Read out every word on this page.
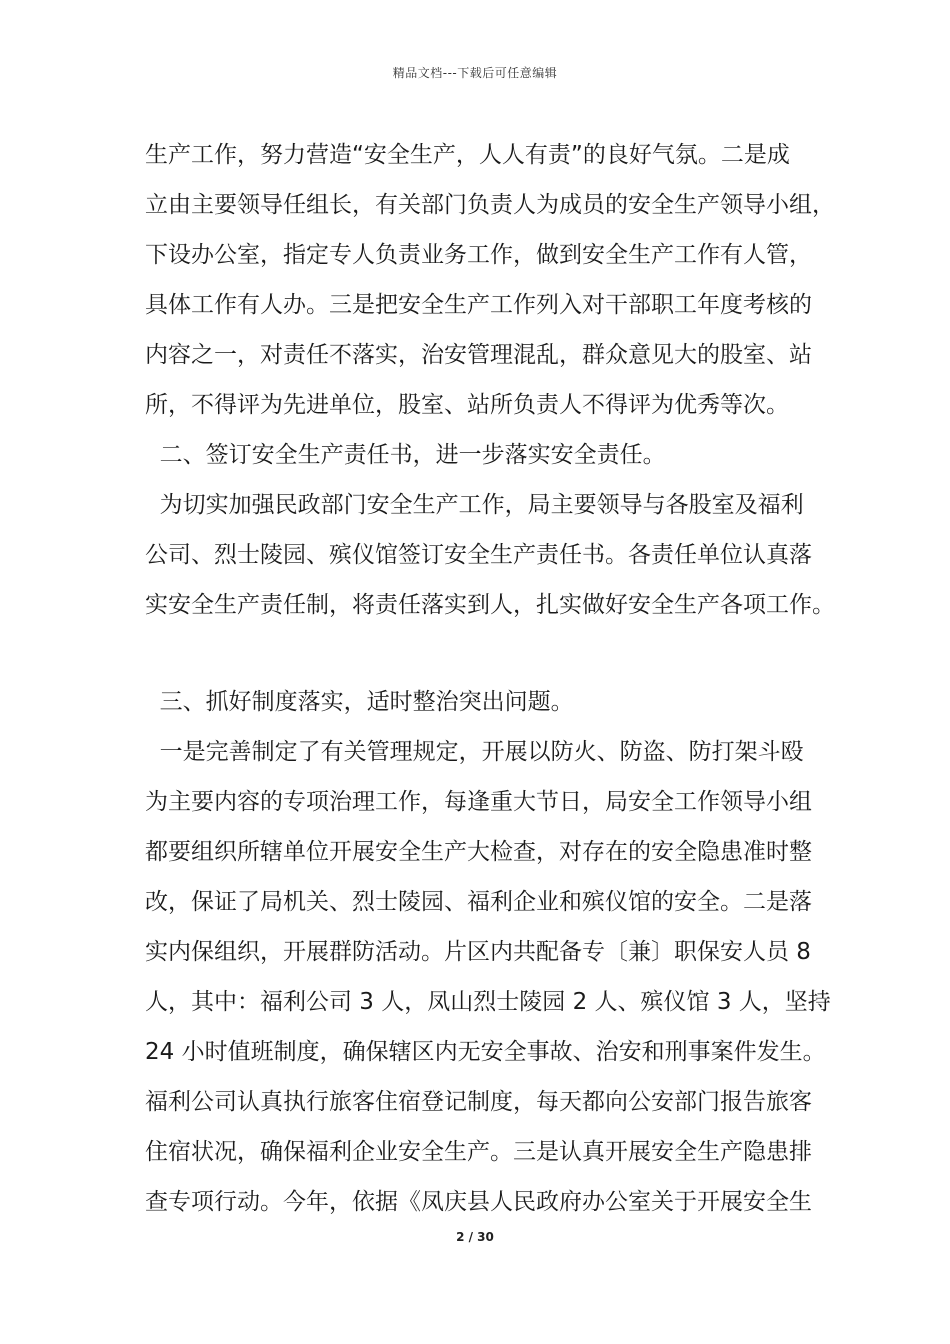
精品文档---下载后可任意编辑
生产工作，努力营造“安全生产，人人有责”的良好气氛。二是成
立由主要领导任组长，有关部门负责人为成员的安全生产领导小组，
下设办公室，指定专人负责业务工作，做到安全生产工作有人管，
具体工作有人办。三是把安全生产工作列入对干部职工年度考核的
内容之一，对责任不落实，治安管理混乱，群众意见大的股室、站
所，不得评为先进单位，股室、站所负责人不得评为优秀等次。
二、签订安全生产责任书，进一步落实安全责任。
为切实加强民政部门安全生产工作，局主要领导与各股室及福利
公司、烈士陵园、殡仪馆签订安全生产责任书。各责任单位认真落
实安全生产责任制，将责任落实到人，扎实做好安全生产各项工作。
三、抓好制度落实，适时整治突出问题。
一是完善制定了有关管理规定，开展以防火、防盗、防打架斗殴
为主要内容的专项治理工作，每逢重大节日，局安全工作领导小组
都要组织所辖单位开展安全生产大检查，对存在的安全隐患准时整
改，保证了局机关、烈士陵园、福利企业和殡仪馆的安全。二是落
实内保组织，开展群防活动。片区内共配备专〔兼〕职保安人员 8
人，其中：福利公司 3 人，凤山烈士陵园 2 人、殡仪馆 3 人，坚持
24 小时值班制度，确保辖区内无安全事故、治安和刑事案件发生。
福利公司认真执行旅客住宿登记制度，每天都向公安部门报告旅客
住宿状况，确保福利企业安全生产。三是认真开展安全生产隐患排
查专项行动。今年，依据《凤庆县人民政府办公室关于开展安全生
2 / 30
